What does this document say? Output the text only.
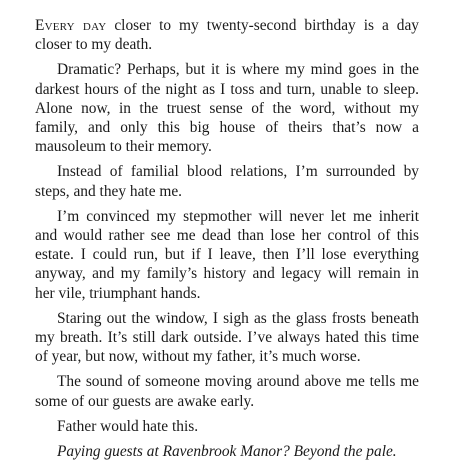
Every day closer to my twenty-second birthday is a day closer to my death.

Dramatic? Perhaps, but it is where my mind goes in the darkest hours of the night as I toss and turn, unable to sleep. Alone now, in the truest sense of the word, without my family, and only this big house of theirs that’s now a mausoleum to their memory.

Instead of familial blood relations, I’m surrounded by steps, and they hate me.

I’m convinced my stepmother will never let me inherit and would rather see me dead than lose her control of this estate. I could run, but if I leave, then I’ll lose everything anyway, and my family’s history and legacy will remain in her vile, triumphant hands.

Staring out the window, I sigh as the glass frosts beneath my breath. It’s still dark outside. I’ve always hated this time of year, but now, without my father, it’s much worse.

The sound of someone moving around above me tells me some of our guests are awake early.

Father would hate this.

Paying guests at Ravenbrook Manor? Beyond the pale.
